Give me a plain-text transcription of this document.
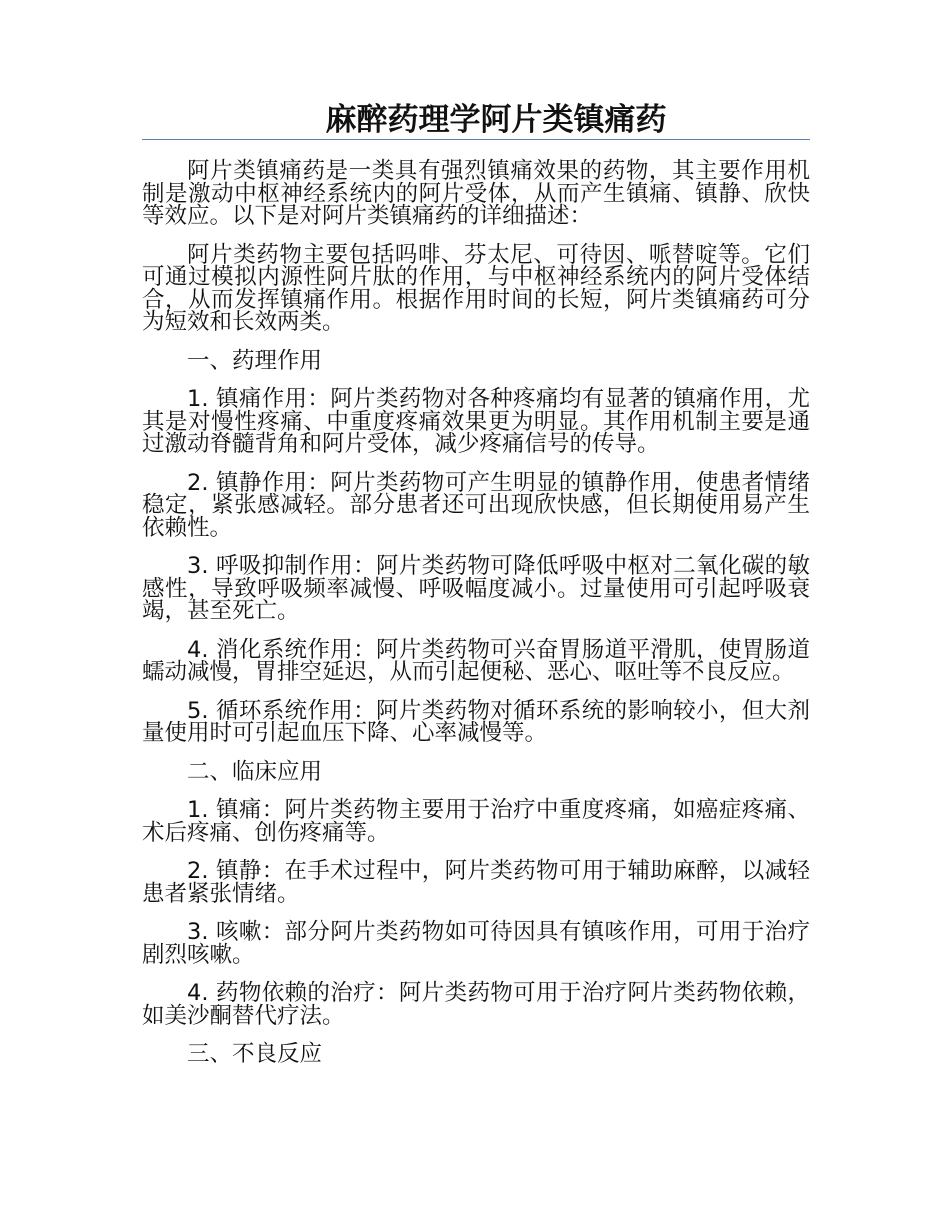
麻醉药理学阿片类镇痛药

阿片类镇痛药是一类具有强烈镇痛效果的药物，其主要作用机制是激动中枢神经系统内的阿片受体，从而产生镇痛、镇静、欣快等效应。以下是对阿片类镇痛药的详细描述：

阿片类药物主要包括吗啡、芬太尼、可待因、哌替啶等。它们可通过模拟内源性阿片肽的作用，与中枢神经系统内的阿片受体结合，从而发挥镇痛作用。根据作用时间的长短，阿片类镇痛药可分为短效和长效两类。

一、药理作用

1. 镇痛作用：阿片类药物对各种疼痛均有显著的镇痛作用，尤其是对慢性疼痛、中重度疼痛效果更为明显。其作用机制主要是通过激动脊髓背角和阿片受体，减少疼痛信号的传导。

2. 镇静作用：阿片类药物可产生明显的镇静作用，使患者情绪稳定，紧张感减轻。部分患者还可出现欣快感，但长期使用易产生依赖性。

3. 呼吸抑制作用：阿片类药物可降低呼吸中枢对二氧化碳的敏感性，导致呼吸频率减慢、呼吸幅度减小。过量使用可引起呼吸衰竭，甚至死亡。

4. 消化系统作用：阿片类药物可兴奋胃肠道平滑肌，使胃肠道蠕动减慢，胃排空延迟，从而引起便秘、恶心、呕吐等不良反应。

5. 循环系统作用：阿片类药物对循环系统的影响较小，但大剂量使用时可引起血压下降、心率减慢等。

二、临床应用

1. 镇痛：阿片类药物主要用于治疗中重度疼痛，如癌症疼痛、术后疼痛、创伤疼痛等。

2. 镇静：在手术过程中，阿片类药物可用于辅助麻醉，以减轻患者紧张情绪。

3. 咳嗽：部分阿片类药物如可待因具有镇咳作用，可用于治疗剧烈咳嗽。

4. 药物依赖的治疗：阿片类药物可用于治疗阿片类药物依赖，如美沙酮替代疗法。

三、不良反应
